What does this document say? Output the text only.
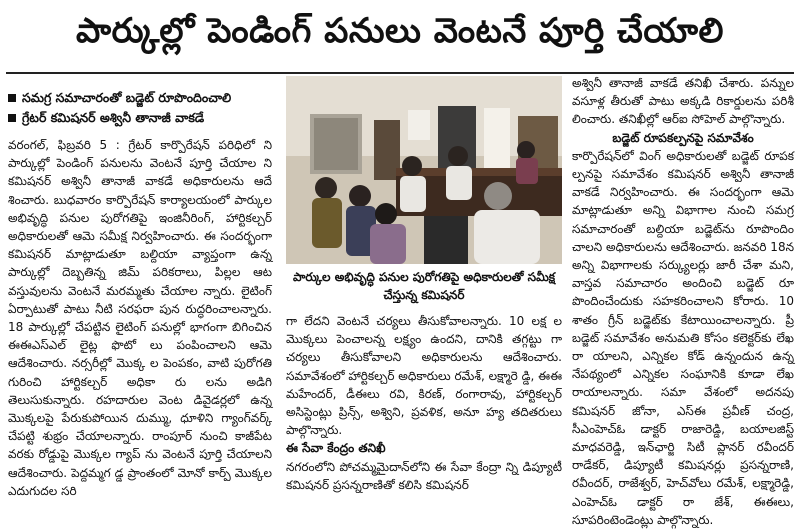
పార్కుల్లో పెండింగ్ పనులు వెంటనే పూర్తి చేయాలి
సమగ్ర సమాచారంతో బడ్జెట్ రూపొందించాలి
గ్రేటర్ కమిషనర్ అశ్వినీ తానాజీ వాకడే

వరంగల్, ఫిబ్రవరి 5 : గ్రేటర్ కార్పొరేషన్ పరిధిలో ని పార్కుల్లో పెండింగ్ పనులను వెంటనే పూర్తి చేయాల ని కమిషనర్ అశ్వినీ తానాజీ వాకడే అధికారులను ఆదే శించారు. బుధవారం కార్పొరేషన్ కార్యాలయంలో పార్కుల అభివృద్ధి పనుల పురోగతిపై ఇంజినీరింగ్, హార్టికల్చర్ అధికారులతో ఆమె సమీక్ష నిర్వహించారు. ఈ సందర్భంగా కమిషనర్ మాట్లాడుతూ బల్దియా వ్యాప్తంగా ఉన్న పార్కుల్లో దెబ్బతిన్న జిమ్ పరికరాలు, పిల్లల ఆట వస్తువులను వెంటనే మరమ్మతు చేయాల న్నారు. లైటింగ్ ఏర్పాటుతో పాటు నీటి సరఫరా పున రుద్ధరించాలన్నారు. 18 పార్కుల్లో చేపట్టిన లైటింగ్ పనుల్లో భాగంగా బిగించిన ఈఈఎస్ఎల్ లైట్ల ఫొటో లు పంపించాలని ఆమె ఆదేశించారు. నర్సరీల్లో మొక్క ల పెంపకం, వాటి పురోగతి గురించి హార్టికల్చర్ అధికా రు లను అడిగి తెలుసుకున్నారు. రహదారుల వెంట డివైడర్లలో ఉన్న మొక్కలపై పేరుకుపోయిన దుమ్ము, ధూళిని గ్యాంగ్‌వర్క్ చేపట్టి శుభ్రం చేయాలన్నారు. రాంపూర్ నుంచి కాజీపేట వరకు రోడ్డుపై మొక్కల గ్యాప్ ను వెంటనే పూర్తి చేయాలని ఆదేశించారు. పెద్దమ్మగ డ్డ ప్రాంతంలో మోనో కార్ప్ మొక్కల ఎదుగుదల సరి

పార్కుల అభివృద్ధి పనుల పురోగతిపై అధికారులతో సమీక్ష చేస్తున్న కమిషనర్

గా లేదని వెంటనే చర్యలు తీసుకోవాలన్నారు. 10 లక్ష ల మొక్కలు పెంచాలన్న లక్ష్యం ఉందని, దానికి తగ్గట్టు గా చర్యలు తీసుకోవాలని అధికారులను ఆదేశించారు. సమావేశంలో హార్టికల్చర్ అధికారులు రమేశ్, లక్ష్మారె డ్డి, ఈఈ మహేందర్, డీఈలు రవి, కిరణ్, రంగారావు, హార్టికల్చర్ అసిస్టెంట్లు ప్రిన్స్, అశ్విని, ప్రవళిక, అనూ హ్య తదితరులు పాల్గొన్నారు.

ఈ సేవా కేంద్రం తనిఖీ

నగరంలోని పోచమ్మమైదాన్‌లోని ఈ సేవా కేంద్రా న్ని డిప్యూటీ కమిషనర్ ప్రసన్నరాణితో కలిసి కమిషనర్

అశ్వినీ తానాజీ వాకడే తనిఖీ చేశారు. పన్నుల వసూళ్ల తీరుతో పాటు అక్కడి రికార్డులను పరిశీ లించారు. తనిఖీల్లో ఆర్‌ఐ సోహెల్ పాల్గొన్నారు.

బడ్జెట్ రూపకల్పనపై సమావేశం

కార్పొరేషన్‌లో వింగ్ అధికారులతో బడ్జెట్ రూపక ల్పనపై సమావేశం కమిషనర్ అశ్వినీ తానాజీ వాకడే నిర్వహించారు. ఈ సందర్భంగా ఆమె మాట్లాడుతూ అన్ని విభాగాల నుంచి సమగ్ర సమాచారంతో బల్దియా బడ్జెట్‌ను రూపొందిం చాలని అధికారులను ఆదేశించారు. జనవరి 18న అన్ని విభాగాలకు సర్క్యులర్లు జారీ చేశా మని, వాస్తవ సమాచారం అందించి బడ్జెట్ రూ పొందించేందుకు సహకరించాలని కోరారు. 10 శాతం గ్రీన్ బడ్జెట్‌కు కేటాయించాలన్నారు. ప్రీ బడ్జెట్ సమావేశం అనుమతి కోసం కలెక్టర్‌కు లేఖ రా యాలని, ఎన్నికల కోడ్ ఉన్నందున ఉన్న నేపథ్యంలో ఎన్నికల సంఘానికి కూడా లేఖ రాయాలన్నారు. సమా వేశంలో అదనపు కమిషనర్ జోనా, ఎస్ఈ ప్రవీణ్ చంద్ర, సీఎంహెచ్ఓ డాక్టర్ రాజారెడ్డి, బయాలజిస్ట్ మాధవరెడ్డి, ఇన్‌ఛార్జి సిటీ ప్లానర్ రవీందర్ రాడేకర్, డిప్యూటీ కమిషనర్లు ప్రసన్నరాణి, రవీందర్, రాజేశ్వర్, హెచ్‌వోలు రమేశ్, లక్ష్మారెడ్డి, ఎంహెచ్ఓ డాక్టర్ రా జేశ్, ఈఈలు, సూపరింటెండెంట్లు పాల్గొన్నారు.
